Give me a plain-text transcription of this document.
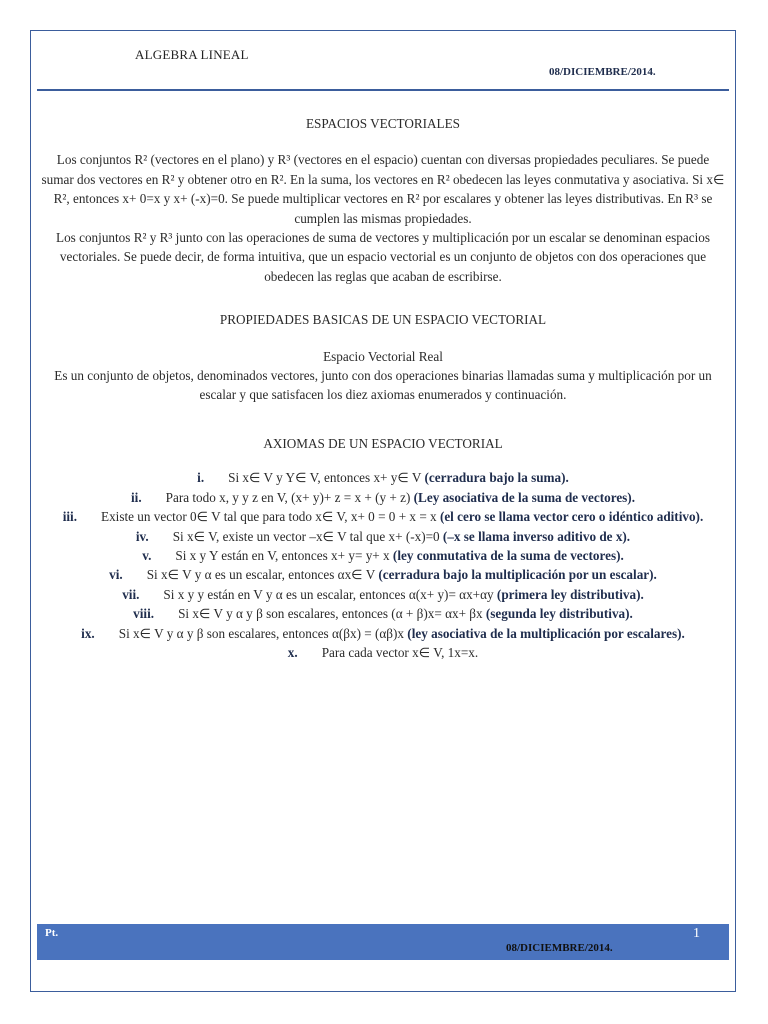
ALGEBRA LINEAL
08/DICIEMBRE/2014.
ESPACIOS VECTORIALES

Los conjuntos R² (vectores en el plano) y R³ (vectores en el espacio) cuentan con diversas propiedades peculiares. Se puede sumar dos vectores en R² y obtener otro en R². En la suma, los vectores en R² obedecen las leyes conmutativa y asociativa. Si x∈ R², entonces x+ 0=x y x+ (-x)=0. Se puede multiplicar vectores en R² por escalares y obtener las leyes distributivas. En R³ se cumplen las mismas propiedades.

Los conjuntos R² y R³ junto con las operaciones de suma de vectores y multiplicación por un escalar se denominan espacios vectoriales. Se puede decir, de forma intuitiva, que un espacio vectorial es un conjunto de objetos con dos operaciones que obedecen las reglas que acaban de escribirse.

PROPIEDADES BASICAS DE UN ESPACIO VECTORIAL

Espacio Vectorial Real

Es un conjunto de objetos, denominados vectores, junto con dos operaciones binarias llamadas suma y multiplicación por un escalar y que satisfacen los diez axiomas enumerados y continuación.

AXIOMAS DE UN ESPACIO VECTORIAL
i. Si x∈ V y Y∈ V, entonces x+ y∈ V (cerradura bajo la suma).
ii. Para todo x, y y z en V, (x+ y)+ z = x + (y + z) (Ley asociativa de la suma de vectores).
iii. Existe un vector 0∈ V tal que para todo x∈ V, x+ 0 = 0 + x = x (el cero se llama vector cero o idéntico aditivo).
iv. Si x∈ V, existe un vector –x∈ V tal que x+ (-x)=0 (–x se llama inverso aditivo de x).
v. Si x y Y están en V, entonces x+ y= y+ x (ley conmutativa de la suma de vectores).
vi. Si x∈ V y α es un escalar, entonces αx∈ V (cerradura bajo la multiplicación por un escalar).
vii. Si x y y están en V y α es un escalar, entonces α(x+ y)= αx+αy (primera ley distributiva).
viii. Si x∈ V y α y β son escalares, entonces (α + β)x= αx+ βx (segunda ley distributiva).
ix. Si x∈ V y α y β son escalares, entonces α(βx) = (αβ)x (ley asociativa de la multiplicación por escalares).
x. Para cada vector x∈ V, 1x=x.
Pt.
08/DICIEMBRE/2014.
1
